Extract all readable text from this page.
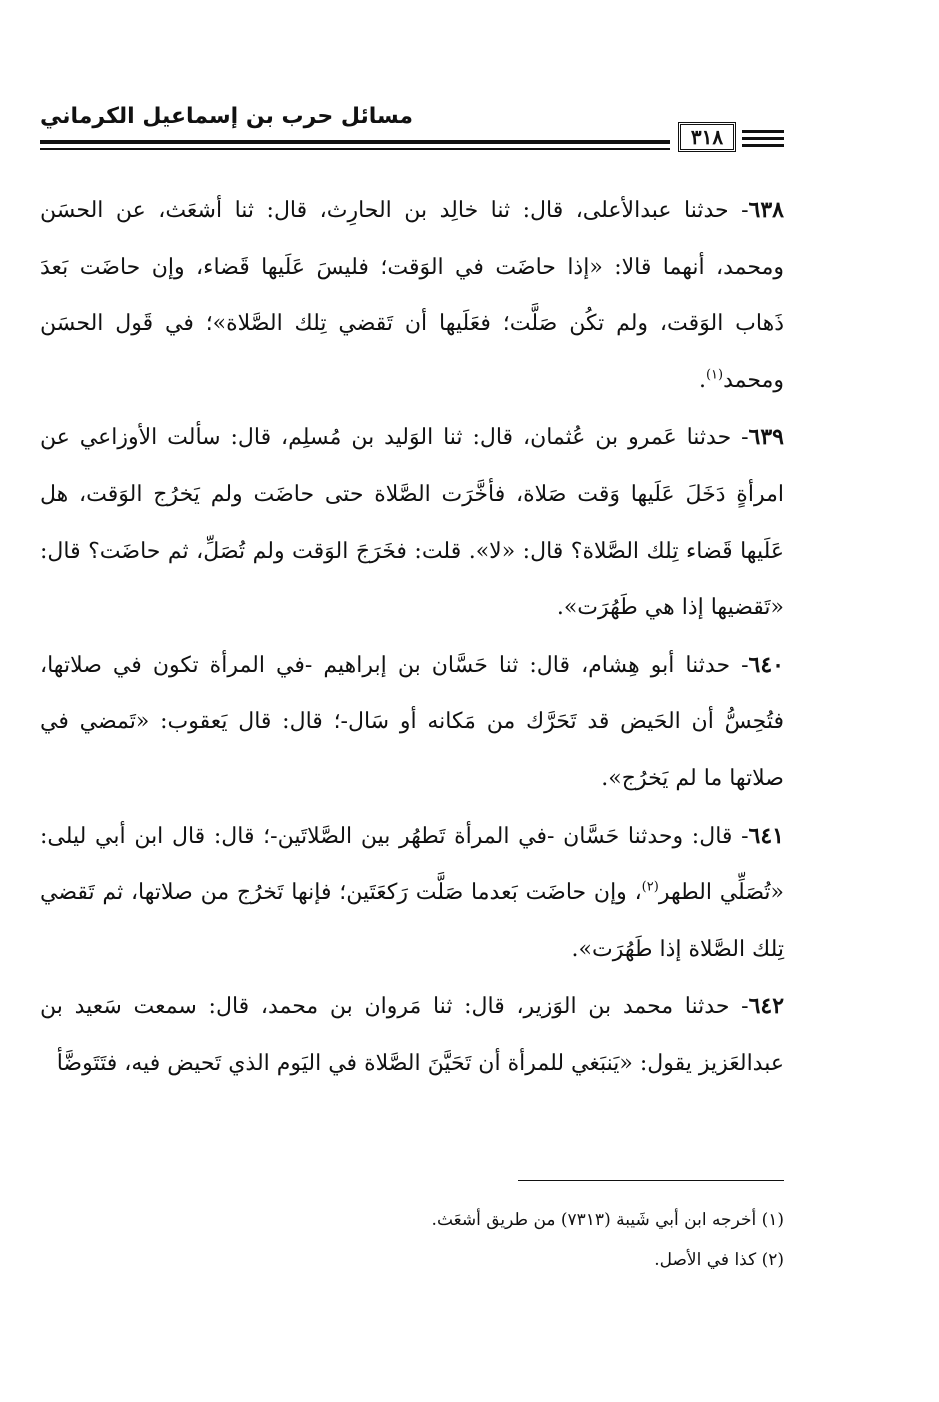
مسائل حرب بن إسماعيل الكرماني
٣١٨

٦٣٨- حدثنا عبدالأعلى، قال: ثنا خالِد بن الحارِث، قال: ثنا أشعَث، عن الحسَن ومحمد، أنهما قالا: «إذا حاضَت في الوَقت؛ فليسَ عَلَيها قَضاء، وإن حاضَت بَعدَ ذَهاب الوَقت، ولم تكُن صَلَّت؛ فعَلَيها أن تَقضي تِلك الصَّلاة»؛ في قَول الحسَن ومحمد$^{(١)}$.

٦٣٩- حدثنا عَمرو بن عُثمان، قال: ثنا الوَليد بن مُسلِم، قال: سألت الأوزاعي عن امرأةٍ دَخَلَ عَلَيها وَقت صَلاة، فأخَّرَت الصَّلاة حتى حاضَت ولم يَخرُج الوَقت، هل عَلَيها قَضاء تِلك الصَّلاة؟ قال: «لا». قلت: فخَرَجَ الوَقت ولم تُصَلِّ، ثم حاضَت؟ قال: «تَقضيها إذا هي طَهُرَت».

٦٤٠- حدثنا أبو هِشام، قال: ثنا حَسَّان بن إبراهيم -في المرأة تكون في صلاتها، فتُحِسُّ أن الحَيض قد تَحَرَّك من مَكانه أو سَال-؛ قال: قال يَعقوب: «تَمضي في صلاتها ما لم يَخرُج».

٦٤١- قال: وحدثنا حَسَّان -في المرأة تَطهُر بين الصَّلاتَين-؛ قال: قال ابن أبي ليلى: «تُصَلِّي الطهر$^{(٢)}$، وإن حاضَت بَعدما صَلَّت رَكعَتَين؛ فإنها تَخرُج من صلاتها، ثم تَقضي تِلك الصَّلاة إذا طَهُرَت».

٦٤٢- حدثنا محمد بن الوَزير، قال: ثنا مَروان بن محمد، قال: سمعت سَعيد بن عبدالعَزيز يقول: «يَنبَغي للمرأة أن تَحَيَّنَ الصَّلاة في اليَوم الذي تَحيض فيه، فتَتَوضَّأ

(١) أخرجه ابن أبي شَيبة (٧٣١٣) من طريق أشعَث.

(٢) كذا في الأصل.
